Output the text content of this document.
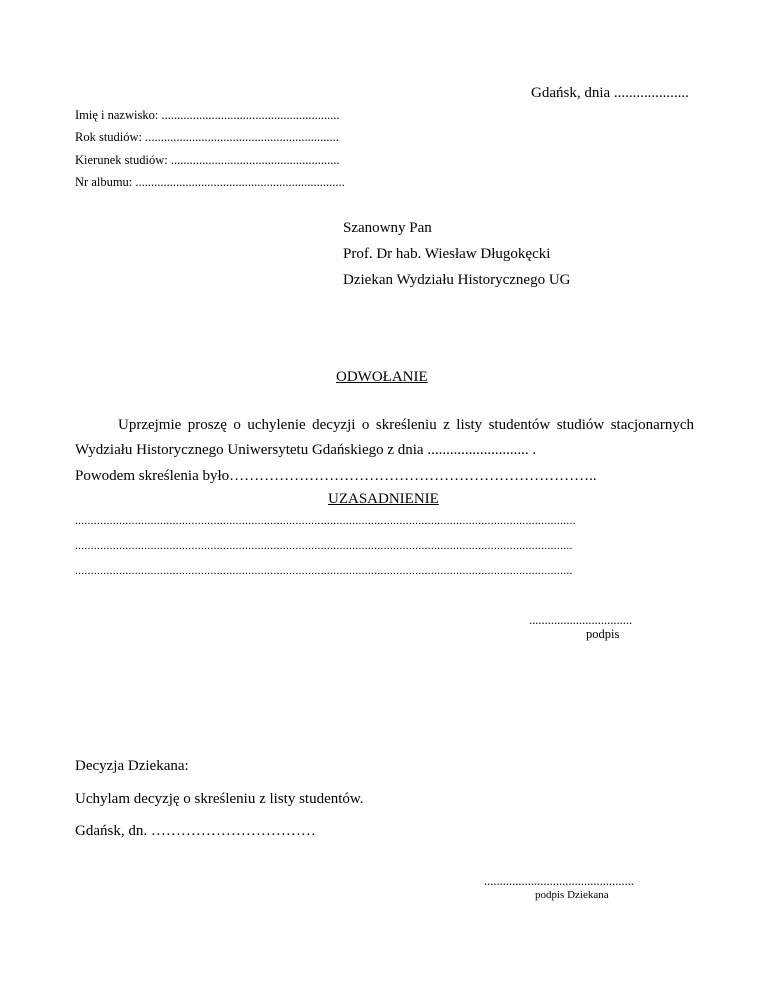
Gdańsk, dnia ....................
Imię i nazwisko: .........................................................
Rok studiów: ..............................................................
Kierunek studiów: ......................................................
Nr albumu: ...................................................................
Szanowny Pan
Prof. Dr hab. Wiesław Długokęcki
Dziekan Wydziału Historycznego UG
ODWOŁANIE
Uprzejmie proszę o uchylenie decyzji o skreśleniu z listy studentów studiów stacjonarnych
Wydziału Historycznego Uniwersytetu Gdańskiego z dnia ........................... .
Powodem skreślenia było………………………………………………………………..
UZASADNIENIE
...............................................................................................................................................................
..............................................................................................................................................................
..............................................................................................................................................................
.................................
podpis
Decyzja Dziekana:
Uchylam decyzję o skreśleniu z listy studentów.
Gdańsk, dn. ……………………………
................................................
podpis Dziekana
